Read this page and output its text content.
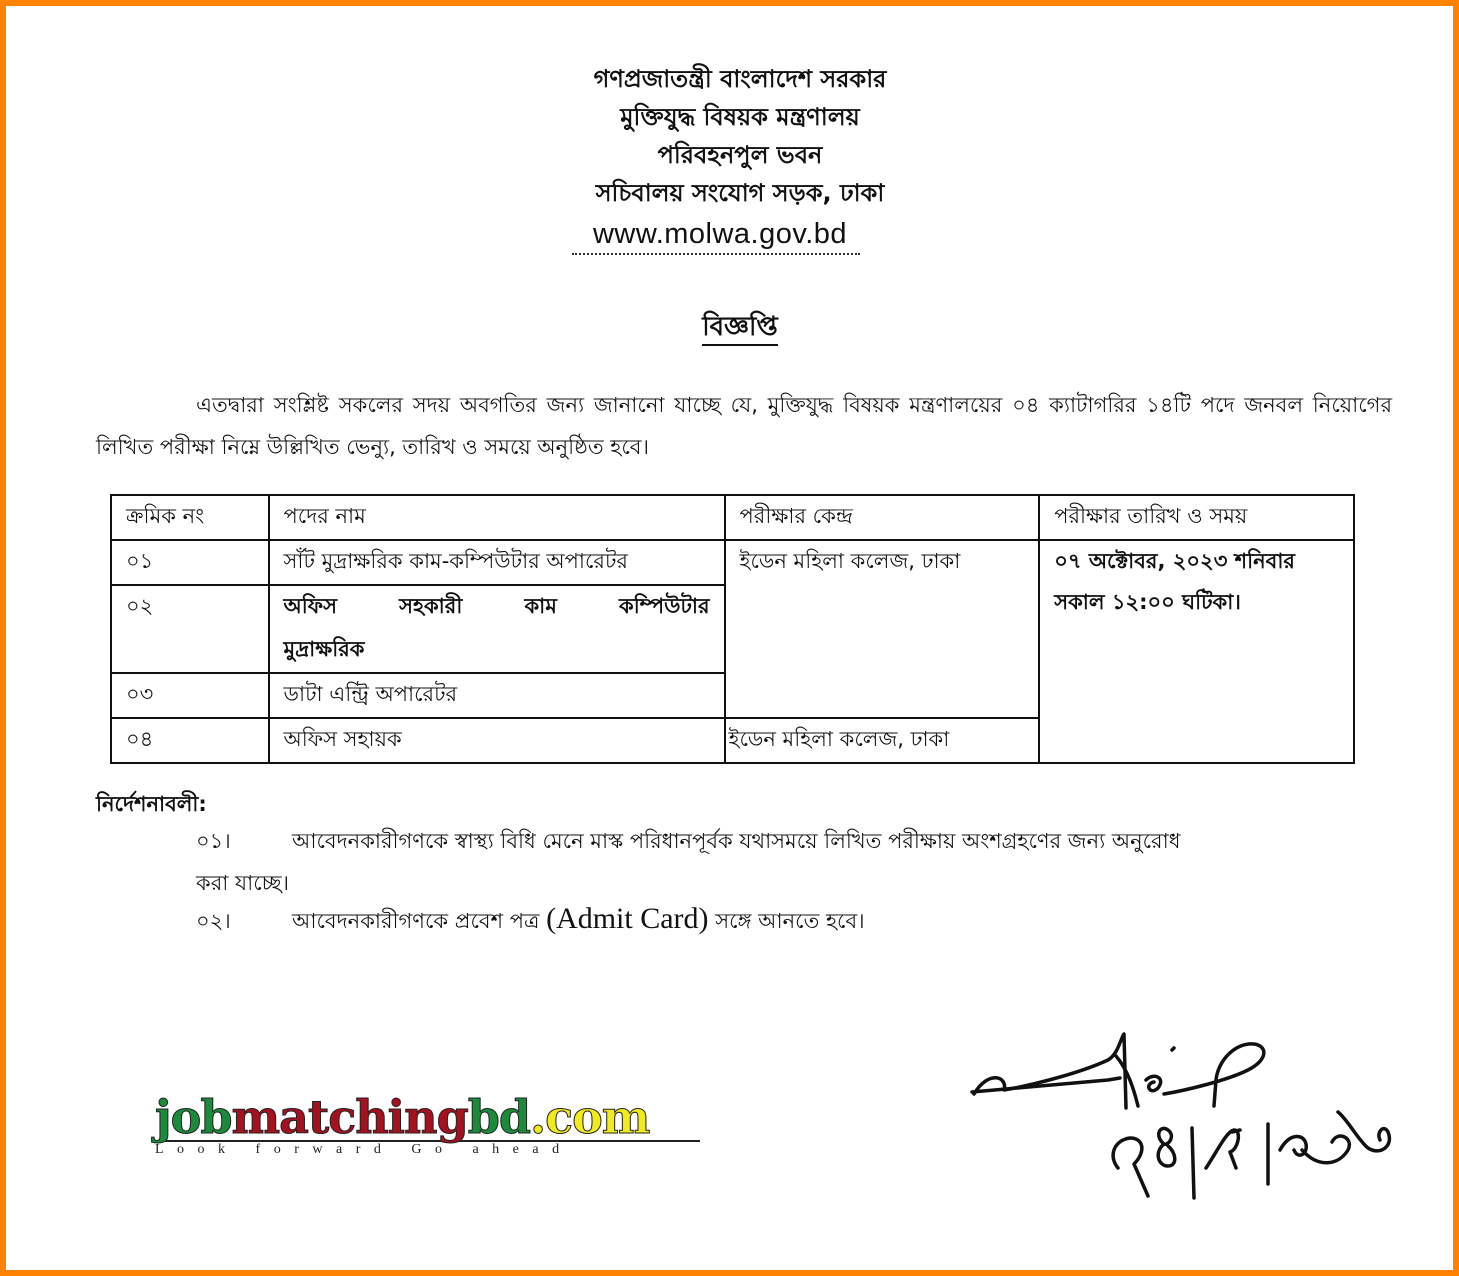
গণপ্রজাতন্ত্রী বাংলাদেশ সরকার
মুক্তিযুদ্ধ বিষয়ক মন্ত্রণালয়
পরিবহনপুল ভবন
সচিবালয় সংযোগ সড়ক, ঢাকা
www.molwa.gov.bd
বিজ্ঞপ্তি
এতদ্বারা সংশ্লিষ্ট সকলের সদয় অবগতির জন্য জানানো যাচ্ছে যে, মুক্তিযুদ্ধ বিষয়ক মন্ত্রণালয়ের ০৪ ক্যাটাগরির ১৪টি পদে জনবল নিয়োগের লিখিত পরীক্ষা নিম্নে উল্লিখিত ভেন্যু, তারিখ ও সময়ে অনুষ্ঠিত হবে।
ক্রমিক নং	পদের নাম	পরীক্ষার কেন্দ্র	পরীক্ষার তারিখ ও সময়
০১	সাঁট মুদ্রাক্ষরিক কাম-কম্পিউটার অপারেটর	ইডেন মহিলা কলেজ, ঢাকা	০৭ অক্টোবর, ২০২৩ শনিবার
সকাল ১২:০০ ঘটিকা।

০২	অফিস সহকারী কাম কম্পিউটার
মুদ্রাক্ষরিক		

০৩	ডাটা এন্ট্রি অপারেটর		
০৪	অফিস সহায়ক	ইডেন মহিলা কলেজ, ঢাকা	
নির্দেশনাবলী:
০১।	আবেদনকারীগণকে স্বাস্থ্য বিধি মেনে মাস্ক পরিধানপূর্বক যথাসময়ে লিখিত পরীক্ষায় অংশগ্রহণের জন্য অনুরোধ
করা যাচ্ছে।
০২।	আবেদনকারীগণকে প্রবেশ পত্র (Admit Card) সঙ্গে আনতে হবে।
jobmatchingbd.com
Look forward Go ahead
